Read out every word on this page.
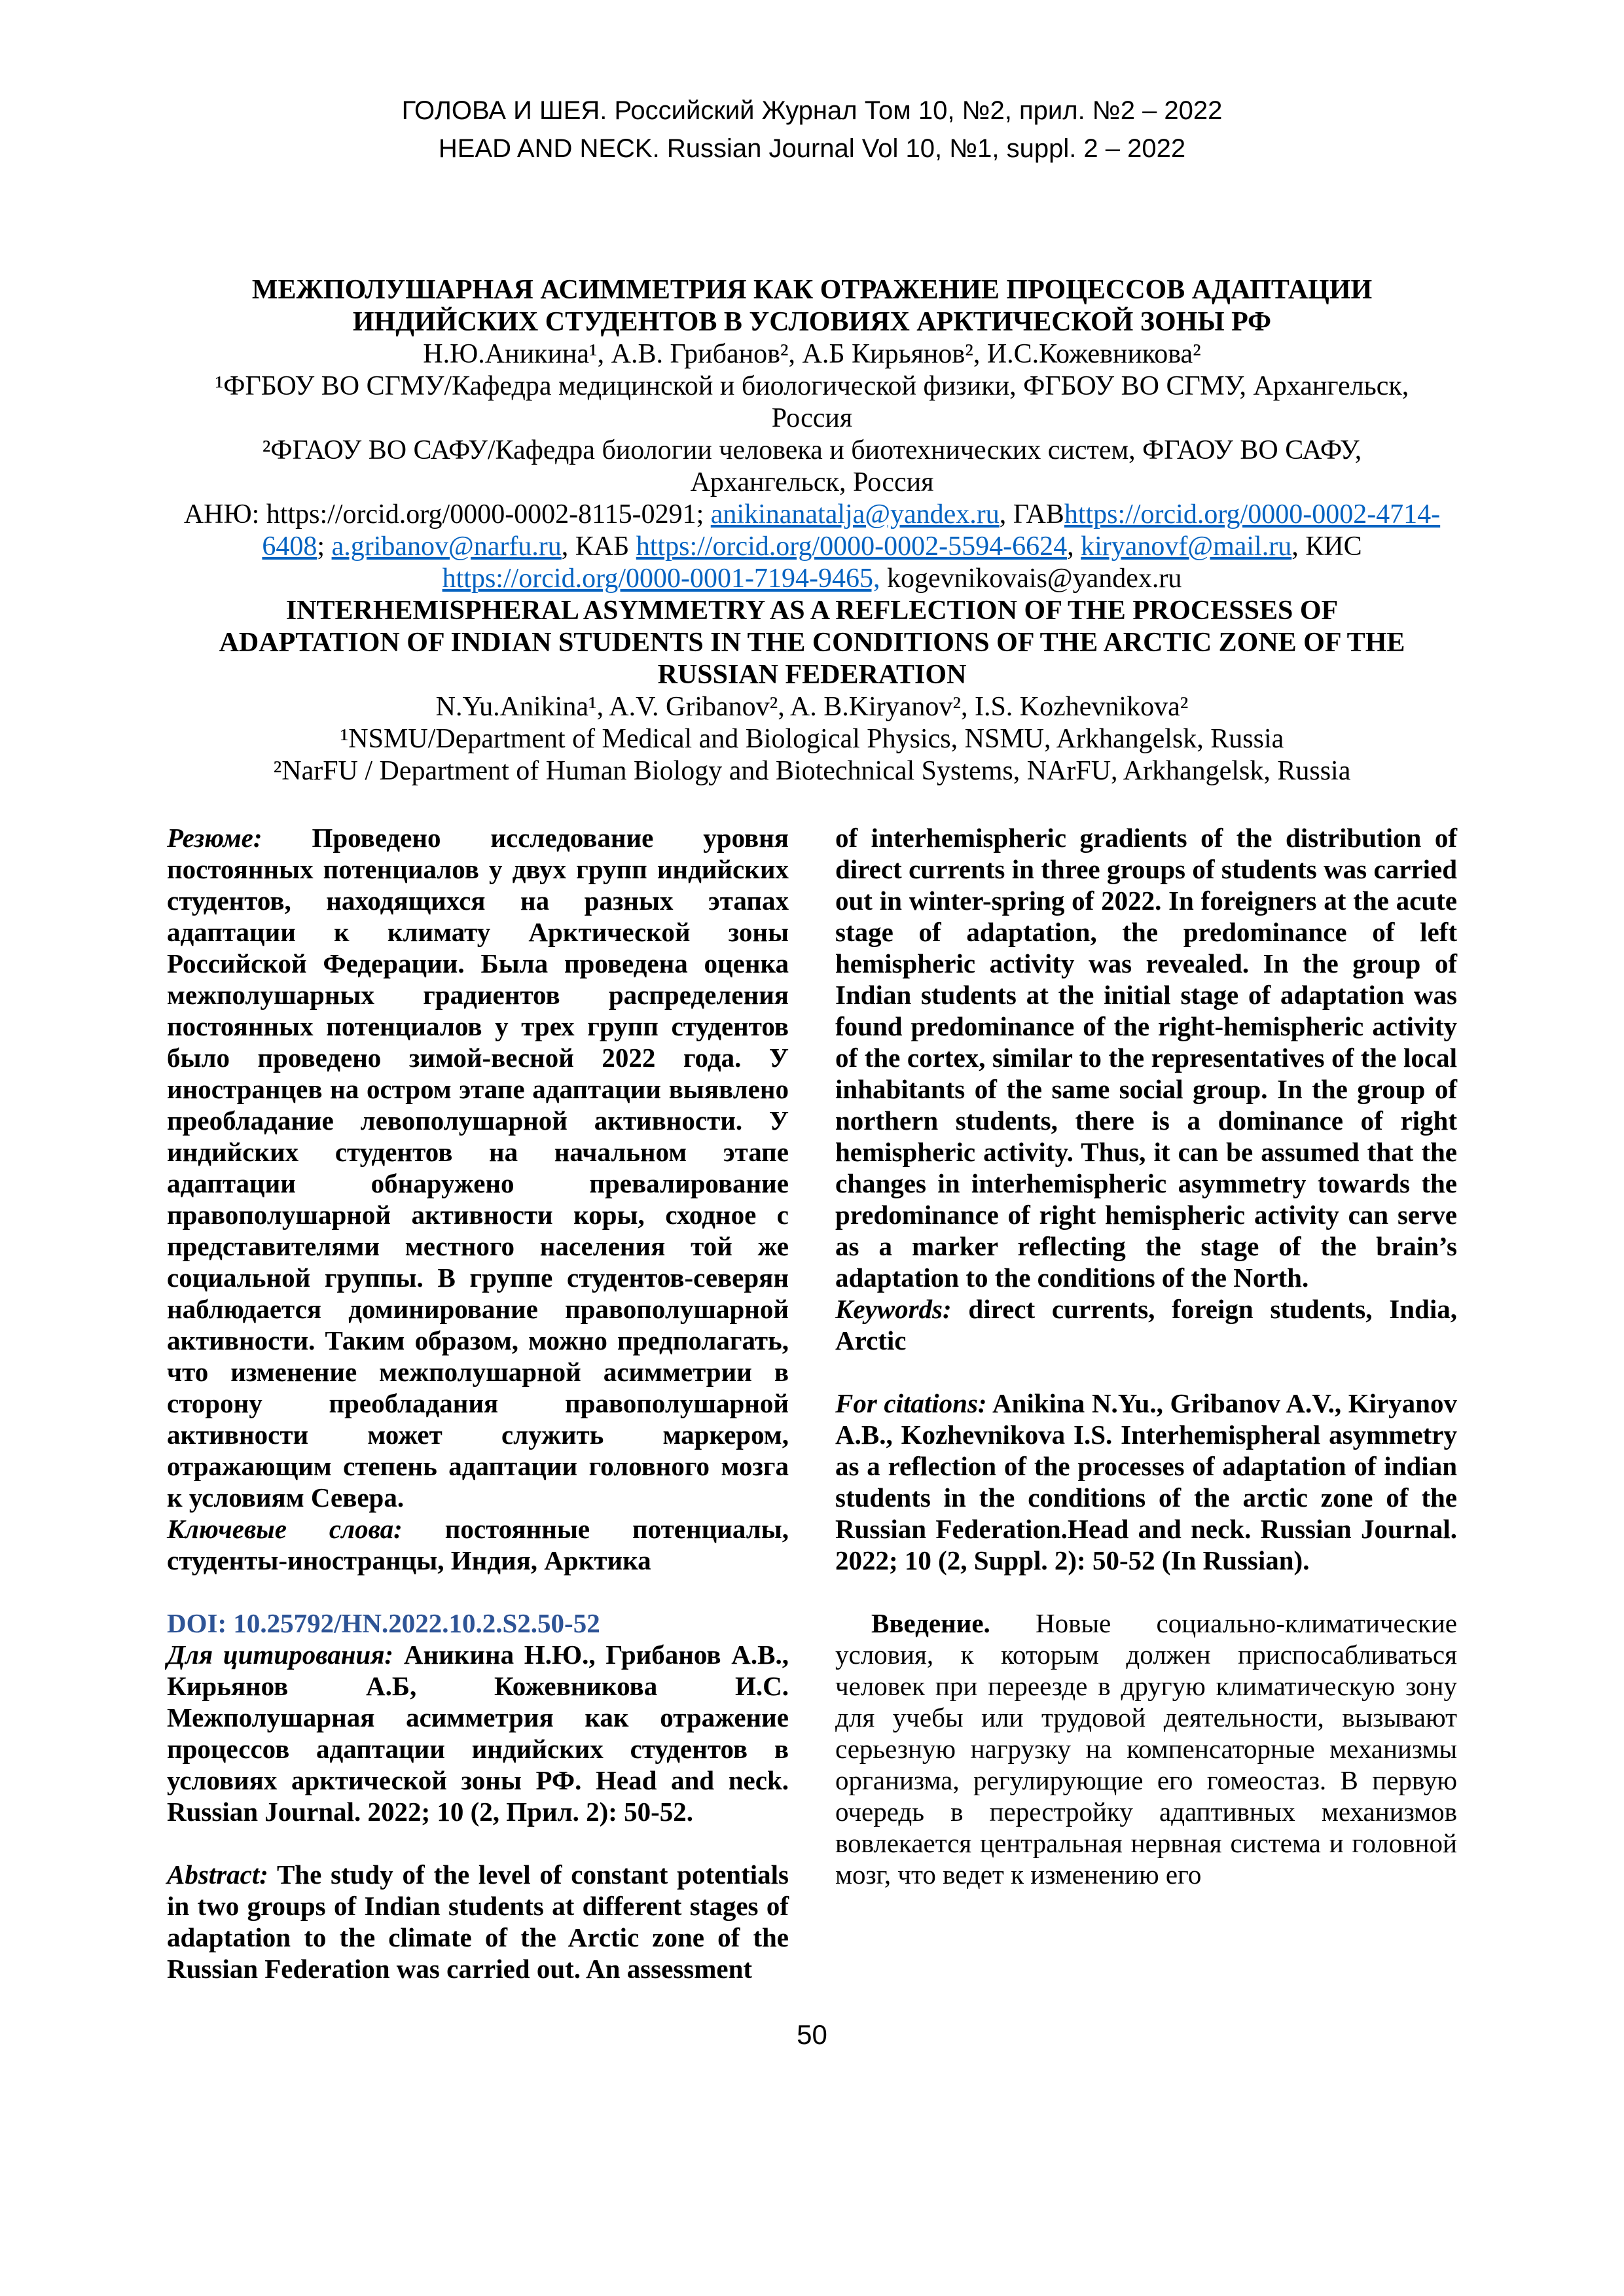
ГОЛОВА И ШЕЯ. Российский Журнал Том 10, №2, прил. №2 – 2022
HEAD AND NECK. Russian Journal Vol 10, №1, suppl. 2 – 2022
МЕЖПОЛУШАРНАЯ АСИММЕТРИЯ КАК ОТРАЖЕНИЕ ПРОЦЕССОВ АДАПТАЦИИ
ИНДИЙСКИХ СТУДЕНТОВ В УСЛОВИЯХ АРКТИЧЕСКОЙ ЗОНЫ РФ
Н.Ю.Аникина¹, А.В. Грибанов², А.Б Кирьянов², И.С.Кожевникова²
¹ФГБОУ ВО СГМУ/Кафедра медицинской и биологической физики, ФГБОУ ВО СГМУ, Архангельск,
Россия
²ФГАОУ ВО САФУ/Кафедра биологии человека и биотехнических систем, ФГАОУ ВО САФУ,
Архангельск, Россия
АНЮ: https://orcid.org/0000-0002-8115-0291; anikinanatalja@yandex.ru, ГАВhttps://orcid.org/0000-0002-4714-
6408; a.gribanov@narfu.ru, КАБ https://orcid.org/0000-0002-5594-6624, kiryanovf@mail.ru, КИС
https://orcid.org/0000-0001-7194-9465, kogevnikovais@yandex.ru
INTERHEMISPHERAL ASYMMETRY AS A REFLECTION OF THE PROCESSES OF
ADAPTATION OF INDIAN STUDENTS IN THE CONDITIONS OF THE ARCTIC ZONE OF THE
RUSSIAN FEDERATION
N.Yu.Anikina¹, A.V. Gribanov², A. B.Kiryanov², I.S. Kozhevnikova²
¹NSMU/Department of Medical and Biological Physics, NSMU, Arkhangelsk, Russia
²NarFU / Department of Human Biology and Biotechnical Systems, NArFU, Arkhangelsk, Russia

Резюме: Проведено исследование уровня постоянных потенциалов у двух групп индийских студентов, находящихся на разных этапах адаптации к климату Арктической зоны Российской Федерации. Была проведена оценка межполушарных градиентов распределения постоянных потенциалов у трех групп студентов было проведено зимой-весной 2022 года. У иностранцев на остром этапе адаптации выявлено преобладание левополушарной активности. У индийских студентов на начальном этапе адаптации обнаружено превалирование правополушарной активности коры, сходное с представителями местного населения той же социальной группы. В группе студентов-северян наблюдается доминирование правополушарной активности. Таким образом, можно предполагать, что изменение межполушарной асимметрии в сторону преобладания правополушарной активности может служить маркером, отражающим степень адаптации головного мозга к условиям Севера.

Ключевые слова: постоянные потенциалы, студенты-иностранцы, Индия, Арктика

DOI: 10.25792/HN.2022.10.2.S2.50-52

Для цитирования: Аникина Н.Ю., Грибанов А.В., Кирьянов А.Б, Кожевникова И.С. Межполушарная асимметрия как отражение процессов адаптации индийских студентов в условиях арктической зоны РФ. Head and neck. Russian Journal. 2022; 10 (2, Прил. 2): 50-52.

Abstract: The study of the level of constant potentials in two groups of Indian students at different stages of adaptation to the climate of the Arctic zone of the Russian Federation was carried out. An assessment

of interhemispheric gradients of the distribution of direct currents in three groups of students was carried out in winter-spring of 2022. In foreigners at the acute stage of adaptation, the predominance of left hemispheric activity was revealed. In the group of Indian students at the initial stage of adaptation was found predominance of the right-hemispheric activity of the cortex, similar to the representatives of the local inhabitants of the same social group. In the group of northern students, there is a dominance of right hemispheric activity. Thus, it can be assumed that the changes in interhemispheric asymmetry towards the predominance of right hemispheric activity can serve as a marker reflecting the stage of the brain’s adaptation to the conditions of the North.

Keywords: direct currents, foreign students, India, Arctic

For citations: Anikina N.Yu., Gribanov A.V., Kiryanov A.B., Kozhevnikova I.S. Interhemispheral asymmetry as a reflection of the processes of adaptation of indian students in the conditions of the arctic zone of the Russian Federation.Head and neck. Russian Journal. 2022; 10 (2, Suppl. 2): 50-52 (In Russian).

Введение. Новые социально-климатические условия, к которым должен приспосабливаться человек при переезде в другую климатическую зону для учебы или трудовой деятельности, вызывают серьезную нагрузку на компенсаторные механизмы организма, регулирующие его гомеостаз. В первую очередь в перестройку адаптивных механизмов вовлекается центральная нервная система и головной мозг, что ведет к изменению его

50
